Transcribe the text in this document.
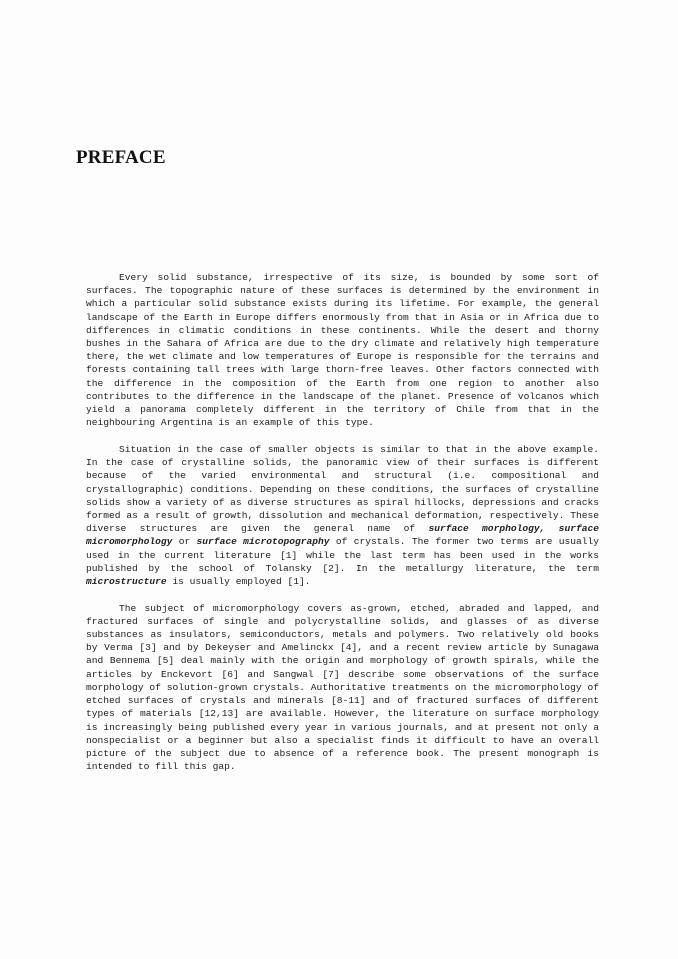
PREFACE

Every solid substance, irrespective of its size, is bounded by some sort of surfaces. The topographic nature of these surfaces is determined by the environment in which a particular solid substance exists during its lifetime. For example, the general landscape of the Earth in Europe differs enormously from that in Asia or in Africa due to differences in climatic conditions in these continents. While the desert and thorny bushes in the Sahara of Africa are due to the dry climate and relatively high temperature there, the wet climate and low temperatures of Europe is responsible for the terrains and forests containing tall trees with large thorn-free leaves. Other factors connected with the difference in the composition of the Earth from one region to another also contributes to the difference in the landscape of the planet. Presence of volcanos which yield a panorama completely different in the territory of Chile from that in the neighbouring Argentina is an example of this type.

Situation in the case of smaller objects is similar to that in the above example. In the case of crystalline solids, the panoramic view of their surfaces is different because of the varied environmental and structural (i.e. compositional and crystallographic) conditions. Depending on these conditions, the surfaces of crystalline solids show a variety of as diverse structures as spiral hillocks, depressions and cracks formed as a result of growth, dissolution and mechanical deformation, respectively. These diverse structures are given the general name of surface morphology, surface micromorphology or surface microtopography of crystals. The former two terms are usually used in the current literature [1] while the last term has been used in the works published by the school of Tolansky [2]. In the metallurgy literature, the term microstructure is usually employed [1].

The subject of micromorphology covers as-grown, etched, abraded and lapped, and fractured surfaces of single and polycrystalline solids, and glasses of as diverse substances as insulators, semiconductors, metals and polymers. Two relatively old books by Verma [3] and by Dekeyser and Amelinckx [4], and a recent review article by Sunagawa and Bennema [5] deal mainly with the origin and morphology of growth spirals, while the articles by Enckevort [6] and Sangwal [7] describe some observations of the surface morphology of solution-grown crystals. Authoritative treatments on the micromorphology of etched surfaces of crystals and minerals [8-11] and of fractured surfaces of different types of materials [12,13] are available. However, the literature on surface morphology is increasingly being published every year in various journals, and at present not only a nonspecialist or a beginner but also a specialist finds it difficult to have an overall picture of the subject due to absence of a reference book. The present monograph is intended to fill this gap.
